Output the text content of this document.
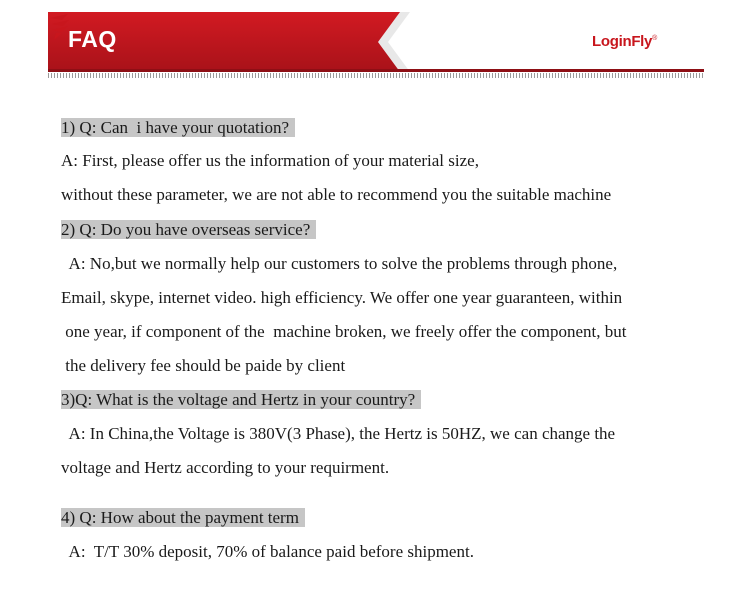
FAQ	LoginFly®
1) Q: Can  i have your quotation?
A: First, please offer us the information of your material size,
without these parameter, we are not able to recommend you the suitable machine
2) Q: Do you have overseas service?
A: No,but we normally help our customers to solve the problems through phone,
Email, skype, internet video. high efficiency. We offer one year guaranteen, within
one year, if component of the  machine broken, we freely offer the component, but
the delivery fee should be paide by client
3)Q: What is the voltage and Hertz in your country?
A: In China,the Voltage is 380V(3 Phase), the Hertz is 50HZ, we can change the
voltage and Hertz according to your requirment.
4) Q: How about the payment term
A:  T/T 30% deposit, 70% of balance paid before shipment.
